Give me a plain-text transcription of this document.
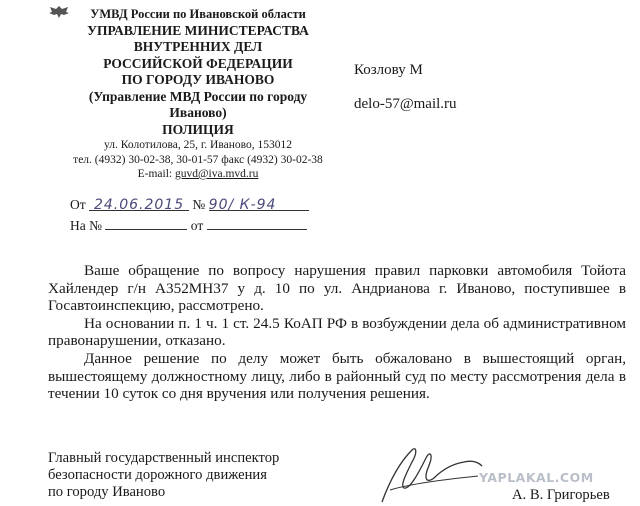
УМВД России по Ивановской области
УПРАВЛЕНИЕ МИНИСТЕРАСТВА
ВНУТРЕННИХ ДЕЛ
РОССИЙСКОЙ ФЕДЕРАЦИИ
ПО ГОРОДУ ИВАНОВО
(Управление МВД России по городу
Иваново)
ПОЛИЦИЯ
ул. Колотилова, 25, г. Иваново, 153012
тел. (4932) 30-02-38, 30-01-57 факс (4932) 30-02-38
E-mail: guvd@iva.mvd.ru
Козлову М
delo-57@mail.ru
От 24.06.2015 № 90/ К-94
На №	от

Ваше обращение по вопросу нарушения правил парковки автомобиля Тойота Хайлендер г/н А352МН37 у д. 10 по ул. Андрианова г. Иваново, поступившее в Госавтоинспекцию, рассмотрено.

На основании п. 1 ч. 1 ст. 24.5 КоАП РФ в возбуждении дела об административном правонарушении, отказано.

Данное решение по делу может быть обжаловано в вышестоящий орган, вышестоящему должностному лицу, либо в районный суд по месту рассмотрения дела в течении 10 суток со дня вручения или получения решения.

Главный государственный инспектор
безопасности дорожного движения
по городу Иваново
YAPLAKAL.COM
А. В. Григорьев
